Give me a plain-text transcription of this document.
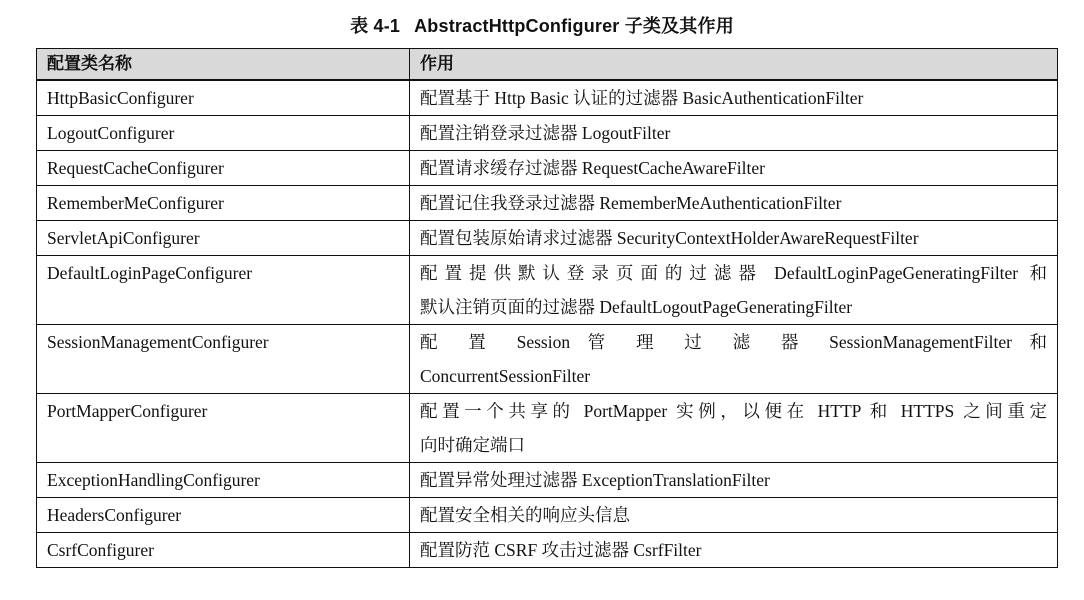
表 4-1 AbstractHttpConfigurer 子类及其作用
配置类名称	作用
HttpBasicConfigurer	配置基于 Http Basic 认证的过滤器 BasicAuthenticationFilter
LogoutConfigurer	配置注销登录过滤器 LogoutFilter
RequestCacheConfigurer	配置请求缓存过滤器 RequestCacheAwareFilter
RememberMeConfigurer	配置记住我登录过滤器 RememberMeAuthenticationFilter
ServletApiConfigurer	配置包装原始请求过滤器 SecurityContextHolderAwareRequestFilter
DefaultLoginPageConfigurer	配置提供默认登录页面的过滤器 DefaultLoginPageGeneratingFilter 和
默认注销页面的过滤器 DefaultLogoutPageGeneratingFilter

SessionManagementConfigurer	配 置 Session 管 理 过 滤 器 SessionManagementFilter 和
ConcurrentSessionFilter

PortMapperConfigurer	配置一个共享的 PortMapper 实例，以便在 HTTP 和 HTTPS 之间重定
向时确定端口

ExceptionHandlingConfigurer	配置异常处理过滤器 ExceptionTranslationFilter
HeadersConfigurer	配置安全相关的响应头信息
CsrfConfigurer	配置防范 CSRF 攻击过滤器 CsrfFilter
